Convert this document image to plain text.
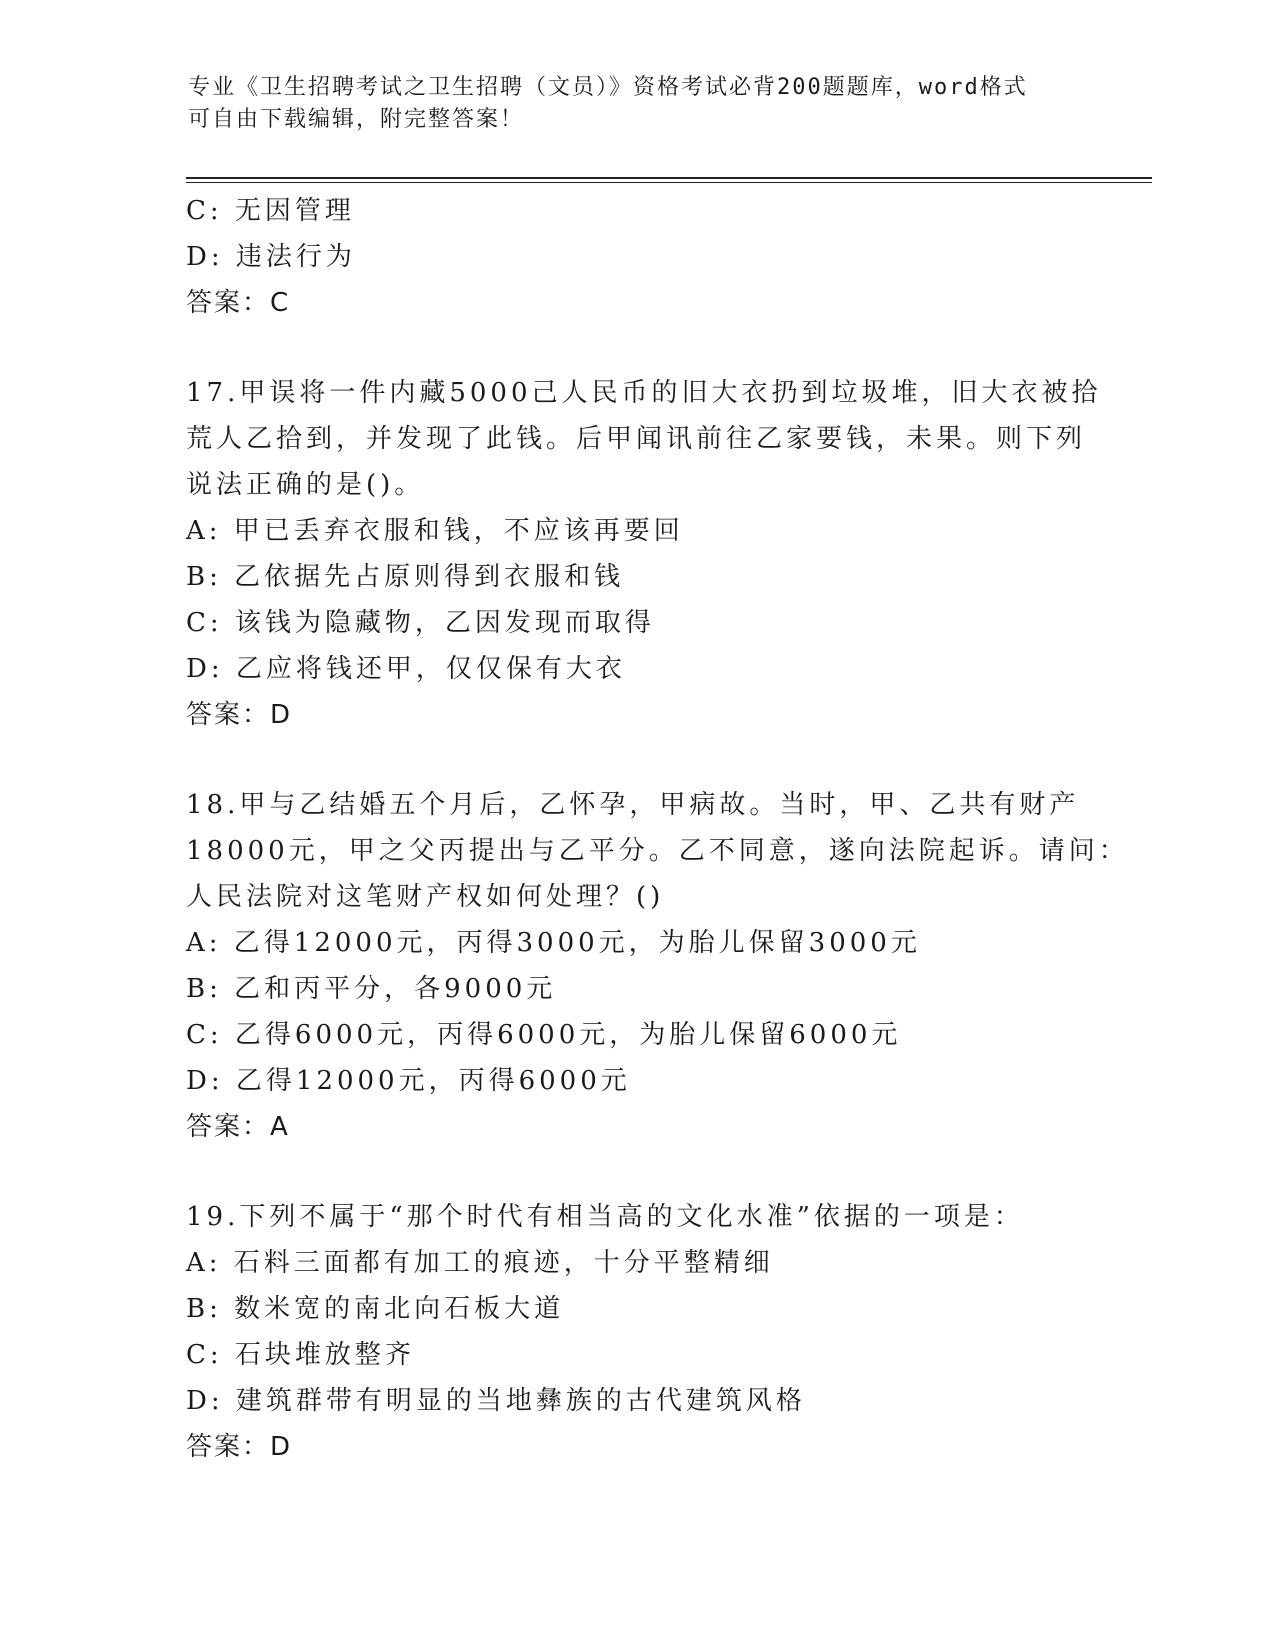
专业《卫生招聘考试之卫生招聘（文员）》资格考试必背200题题库，word格式
可自由下载编辑，附完整答案！
C: 无因管理
D: 违法行为
答案：C
17.甲误将一件内藏5000己人民币的旧大衣扔到垃圾堆，旧大衣被拾
荒人乙拾到，并发现了此钱。后甲闻讯前往乙家要钱，未果。则下列
说法正确的是()。
A: 甲已丢弃衣服和钱，不应该再要回
B: 乙依据先占原则得到衣服和钱
C: 该钱为隐藏物，乙因发现而取得
D: 乙应将钱还甲，仅仅保有大衣
答案：D
18.甲与乙结婚五个月后，乙怀孕，甲病故。当时，甲、乙共有财产
18000元，甲之父丙提出与乙平分。乙不同意，遂向法院起诉。请问：
人民法院对这笔财产权如何处理？()
A: 乙得12000元，丙得3000元，为胎儿保留3000元
B: 乙和丙平分，各9000元
C: 乙得6000元，丙得6000元，为胎儿保留6000元
D: 乙得12000元，丙得6000元
答案：A
19.下列不属于“那个时代有相当高的文化水准”依据的一项是：
A: 石料三面都有加工的痕迹，十分平整精细
B: 数米宽的南北向石板大道
C: 石块堆放整齐
D: 建筑群带有明显的当地彝族的古代建筑风格
答案：D
